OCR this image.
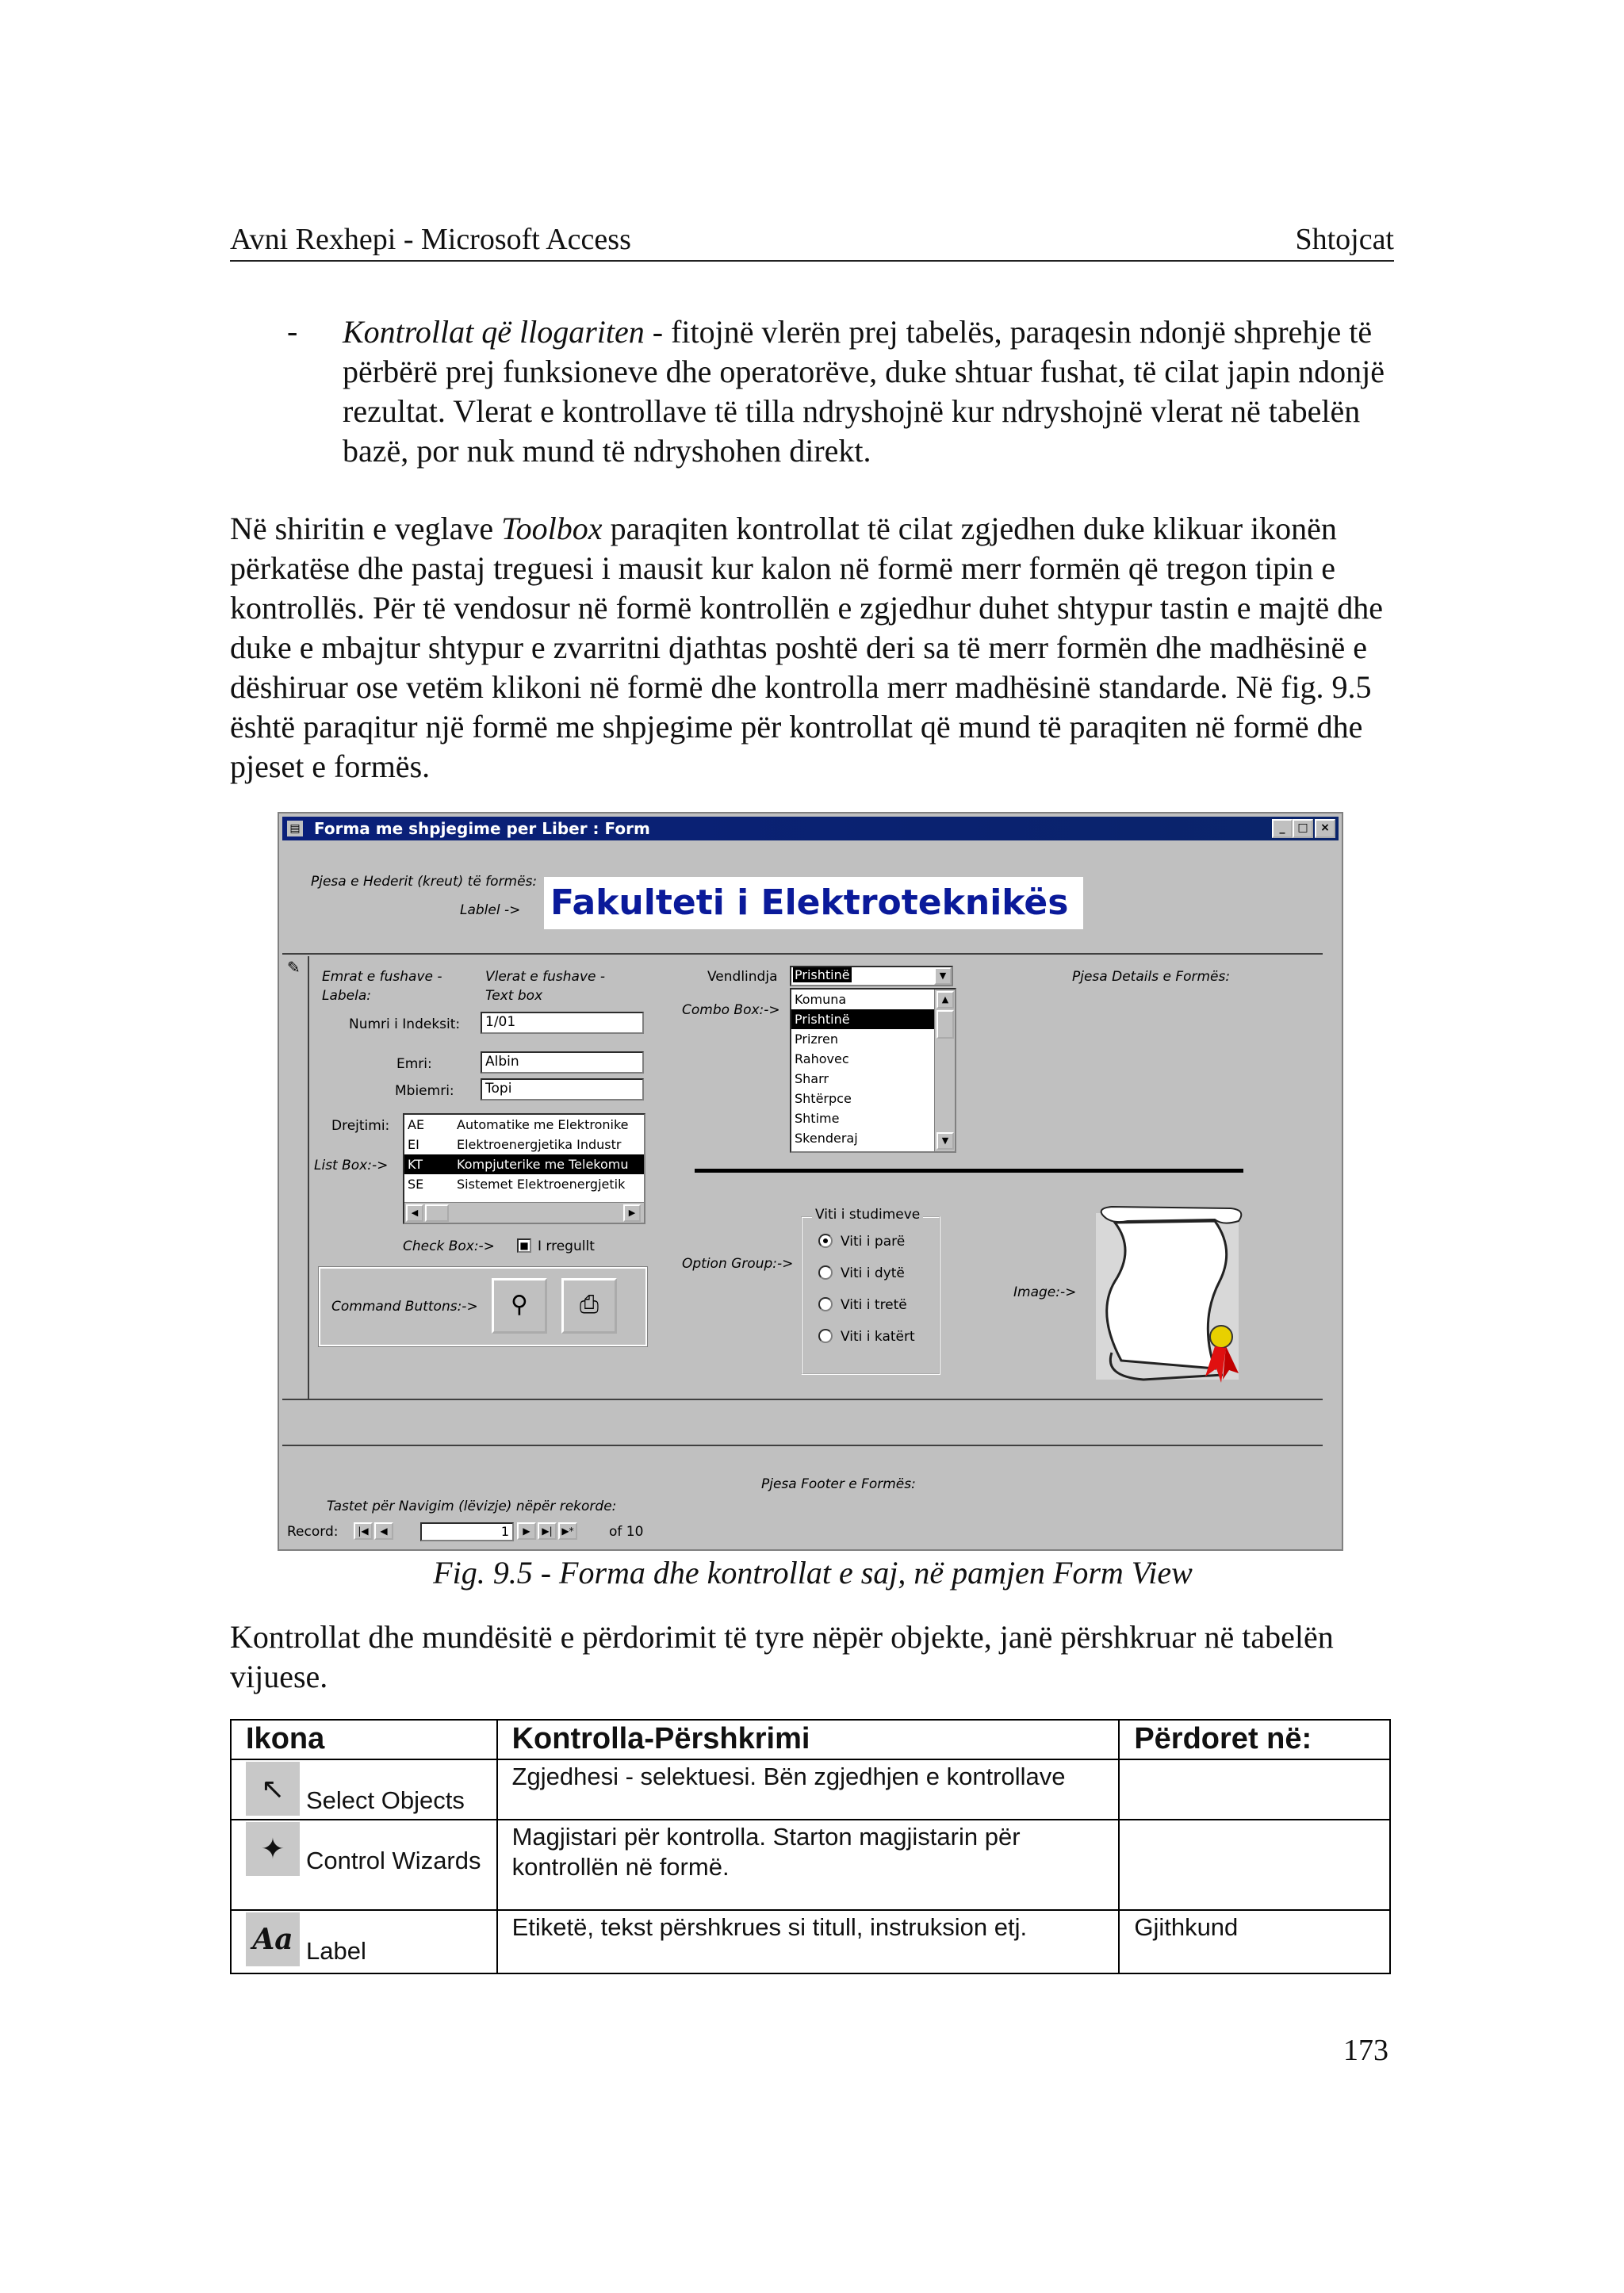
Avni Rexhepi - Microsoft Access	Shtojcat
- Kontrollat që llogariten - fitojnë vlerën prej tabelës, paraqesin ndonjë shprehje të përbërë prej funksioneve dhe operatorëve, duke shtuar fushat, të cilat japin ndonjë rezultat. Vlerat e kontrollave të tilla ndryshojnë kur ndryshojnë vlerat në tabelën bazë, por nuk mund të ndryshohen direkt.
Në shiritin e veglave Toolbox paraqiten kontrollat të cilat zgjedhen duke klikuar ikonën përkatëse dhe pastaj treguesi i mausit kur kalon në formë merr formën që tregon tipin e kontrollës. Për të vendosur në formë kontrollën e zgjedhur duhet shtypur tastin e majtë dhe duke e mbajtur shtypur e zvarritni djathtas poshtë deri sa të merr formën dhe madhësinë e dëshiruar ose vetëm klikoni në formë dhe kontrolla merr madhësinë standarde. Në fig. 9.5 është paraqitur një formë me shpjegime për kontrollat që mund të paraqiten në formë dhe pjeset e formës.
▤ Forma me shpjegime per Liber : Form	_	□	×
Pjesa e Hederit (kreut) të formës:
Lablel -> Fakulteti i Elektroteknikës
✎ Emrat e fushave -
Labela:
Vlerat e fushave -
Text box
Numri i Indeksit:	1/01
Emri:	Albin
Mbiemri:	Topi
Drejtimi:
List Box:->
AE	Automatike me Elektronike
EI	Elektroenergjetika Industr
KT	Kompjuterike me Telekomu
SE	Sistemet Elektroenergjetik
◀	▶
Check Box:->	■ I rregullt
Command Buttons:->	⚲	⎙
Vendlindja
Combo Box:->
Prishtinë	▼
Komuna
Prishtinë
Prizren
Rahovec
Sharr
Shtërpce
Shtime
Skenderaj
▲
▼
Pjesa Details e Formës:
Viti i studimeve
Option Group:->
Viti i parë
Viti i dytë
Viti i tretë
Viti i katërt
Image:->
Pjesa Footer e Formës:
Tastet për Navigim (lëvizje) nëpër rekorde:
Record:	|◀	◀	1	▶	▶| ▶*	of 10
Fig. 9.5 - Forma dhe kontrollat e saj, në pamjen Form View
Kontrollat dhe mundësitë e përdorimit të tyre nëpër objekte, janë përshkruar në tabelën vijuese.
Ikona	Kontrolla-Përshkrimi	Përdoret në:
↖ Select Objects	Zgjedhesi - selektuesi. Bën zgjedhjen e kontrollave	
✦ Control Wizards	Magjistari për kontrolla. Starton magjistarin për kontrollën në formë.	
Aa Label	Etiketë, tekst përshkrues si titull, instruksion etj.	Gjithkund
173
